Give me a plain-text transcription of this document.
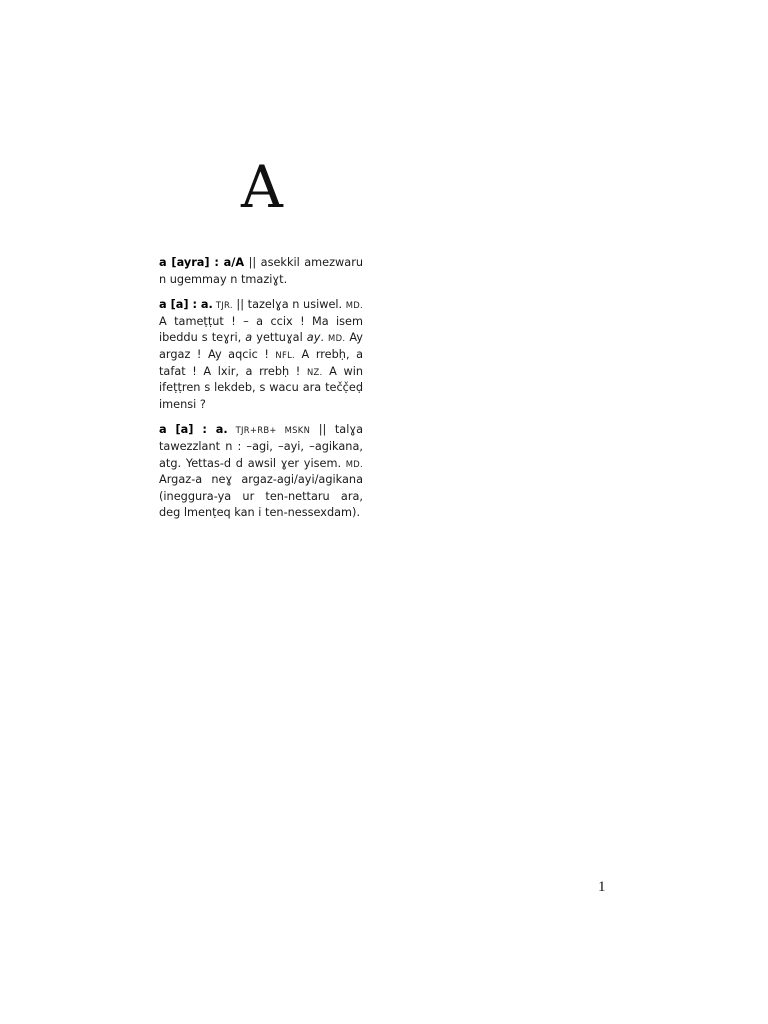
A

a [ayra] : a/A || asekkil amezwaru n ugemmay n tmaziɣt.

a [a] : a. TJR. || tazelɣa n usiwel. MD. A tameṭṭut ! – a ccix ! Ma isem ibeddu s teɣri, a yettuɣal ay. MD. Ay argaz ! Ay aqcic ! NFL. A rrebḥ, a tafat ! A lxir, a rrebḥ ! NZ. A win ifeṭṭren s lekdeb, s wacu ara tečč̣eḍ imensi ?

a [a] : a. TJR+RB+ MSKN || talɣa tawezzlant n : –agi, –ayi, –agikana, atg. Yettas-d d awsil ɣer yisem. MD. Argaz-a neɣ argaz-agi/ayi/agikana (ineggura-ya ur ten-nettaru ara, deg lmenṭeq kan i ten-nessexdam).

1
